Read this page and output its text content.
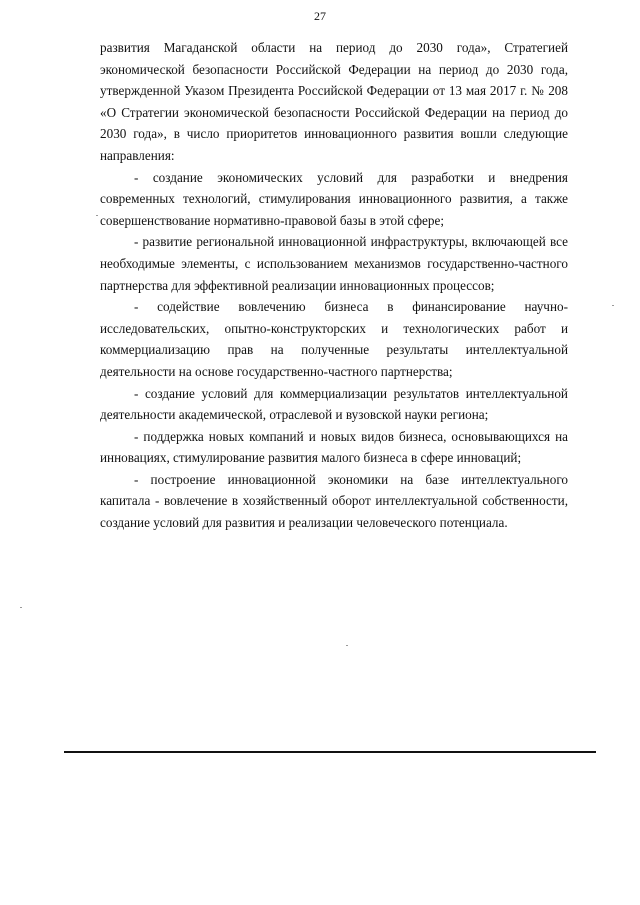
27

развития Магаданской области на период до 2030 года», Стратегией экономической безопасности Российской Федерации на период до 2030 года, утвержденной Указом Президента Российской Федерации от 13 мая 2017 г. № 208 «О Стратегии экономической безопасности Российской Федерации на период до 2030 года», в число приоритетов инновационного развития вошли следующие направления:

- создание экономических условий для разработки и внедрения современных технологий, стимулирования инновационного развития, а также совершенствование нормативно-правовой базы в этой сфере;

- развитие региональной инновационной инфраструктуры, включающей все необходимые элементы, с использованием механизмов государственно-частного партнерства для эффективной реализации инновационных процессов;

- содействие вовлечению бизнеса в финансирование научно-исследовательских, опытно-конструкторских и технологических работ и коммерциализацию прав на полученные результаты интеллектуальной деятельности на основе государственно-частного партнерства;

- создание условий для коммерциализации результатов интеллектуальной деятельности академической, отраслевой и вузовской науки региона;

- поддержка новых компаний и новых видов бизнеса, основывающихся на инновациях, стимулирование развития малого бизнеса в сфере инноваций;

- построение инновационной экономики на базе интеллектуального капитала - вовлечение в хозяйственный оборот интеллектуальной собственности, создание условий для развития и реализации человеческого потенциала.
